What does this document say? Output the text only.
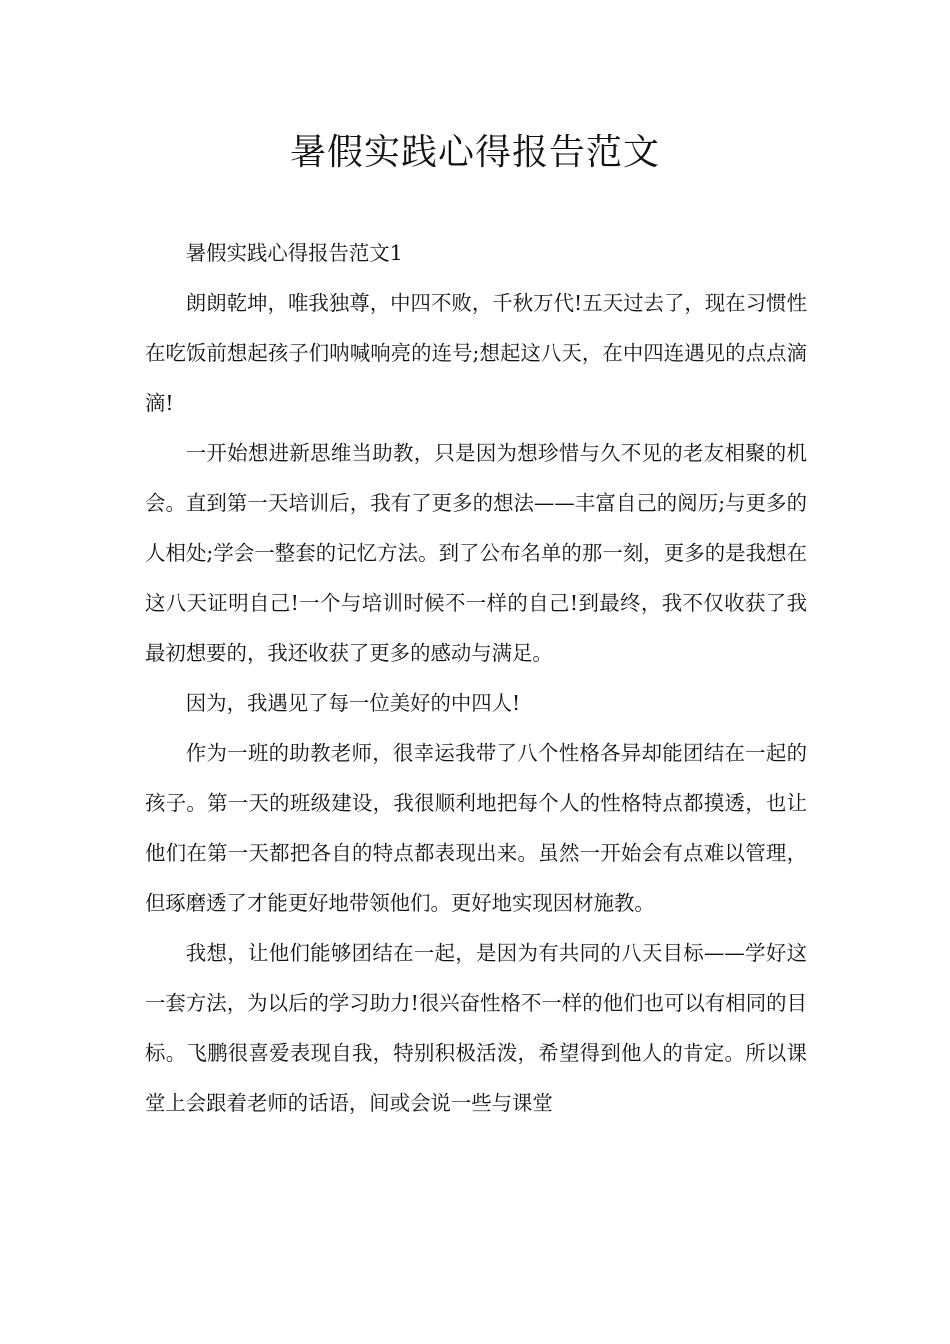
暑假实践心得报告范文

暑假实践心得报告范文1

朗朗乾坤，唯我独尊，中四不败，千秋万代!五天过去了，现在习惯性在吃饭前想起孩子们呐喊响亮的连号;想起这八天，在中四连遇见的点点滴滴!

一开始想进新思维当助教，只是因为想珍惜与久不见的老友相聚的机会。直到第一天培训后，我有了更多的想法——丰富自己的阅历;与更多的人相处;学会一整套的记忆方法。到了公布名单的那一刻，更多的是我想在这八天证明自己!一个与培训时候不一样的自己!到最终，我不仅收获了我最初想要的，我还收获了更多的感动与满足。

因为，我遇见了每一位美好的中四人!

作为一班的助教老师，很幸运我带了八个性格各异却能团结在一起的孩子。第一天的班级建设，我很顺利地把每个人的性格特点都摸透，也让他们在第一天都把各自的特点都表现出来。虽然一开始会有点难以管理，但琢磨透了才能更好地带领他们。更好地实现因材施教。

我想，让他们能够团结在一起，是因为有共同的八天目标——学好这一套方法，为以后的学习助力!很兴奋性格不一样的他们也可以有相同的目标。飞鹏很喜爱表现自我，特别积极活泼，希望得到他人的肯定。所以课堂上会跟着老师的话语，间或会说一些与课堂
